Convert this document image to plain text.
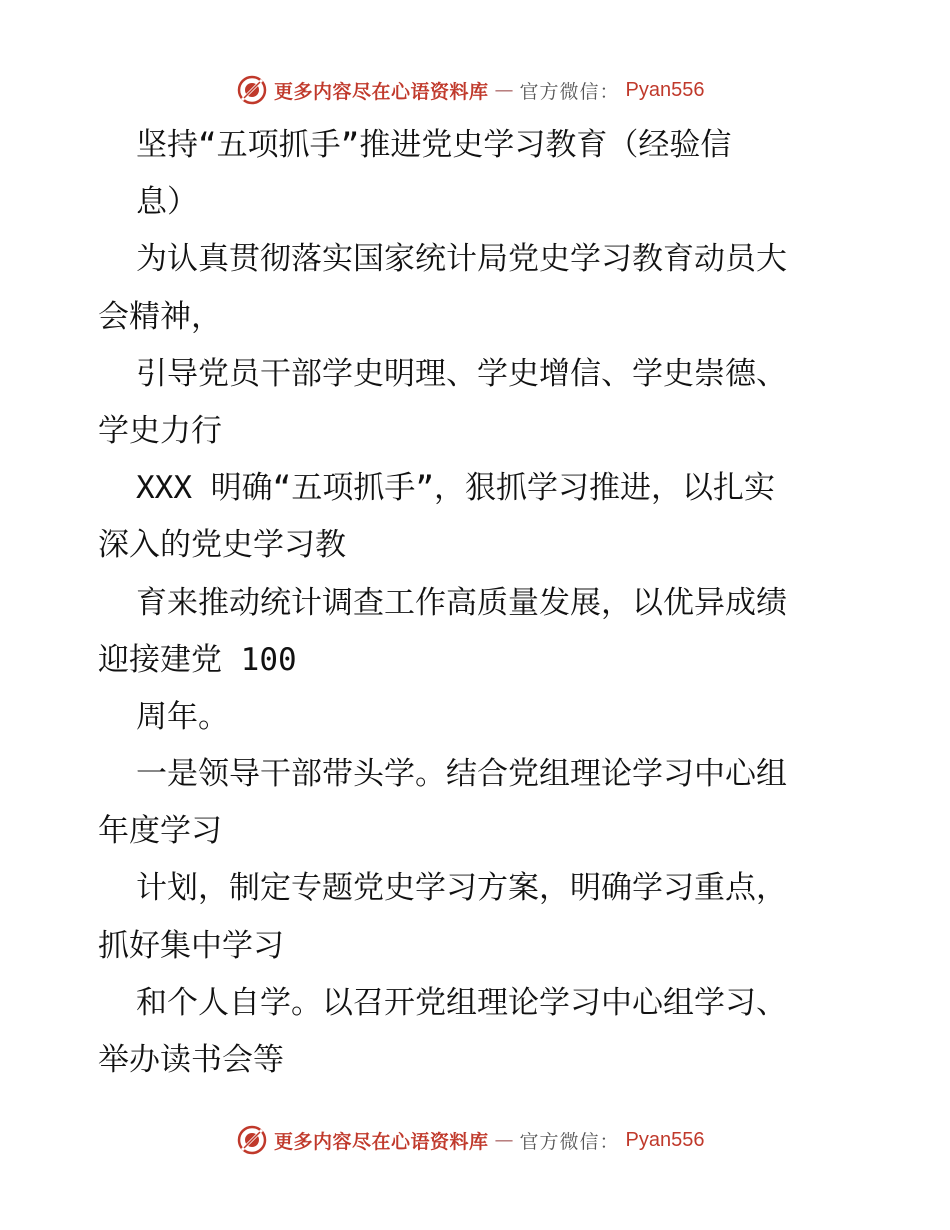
更多内容尽在心语资料库 — 官方微信： Pyan556
坚持“五项抓手”推进党史学习教育（经验信
息）
为认真贯彻落实国家统计局党史学习教育动员大
会精神，
引导党员干部学史明理、学史增信、学史崇德、
学史力行
XXX 明确“五项抓手”，狠抓学习推进，以扎实
深入的党史学习教
育来推动统计调查工作高质量发展，以优异成绩
迎接建党 100
周年。
一是领导干部带头学。结合党组理论学习中心组
年度学习
计划，制定专题党史学习方案，明确学习重点，
抓好集中学习
和个人自学。以召开党组理论学习中心组学习、
举办读书会等
更多内容尽在心语资料库 — 官方微信： Pyan556
